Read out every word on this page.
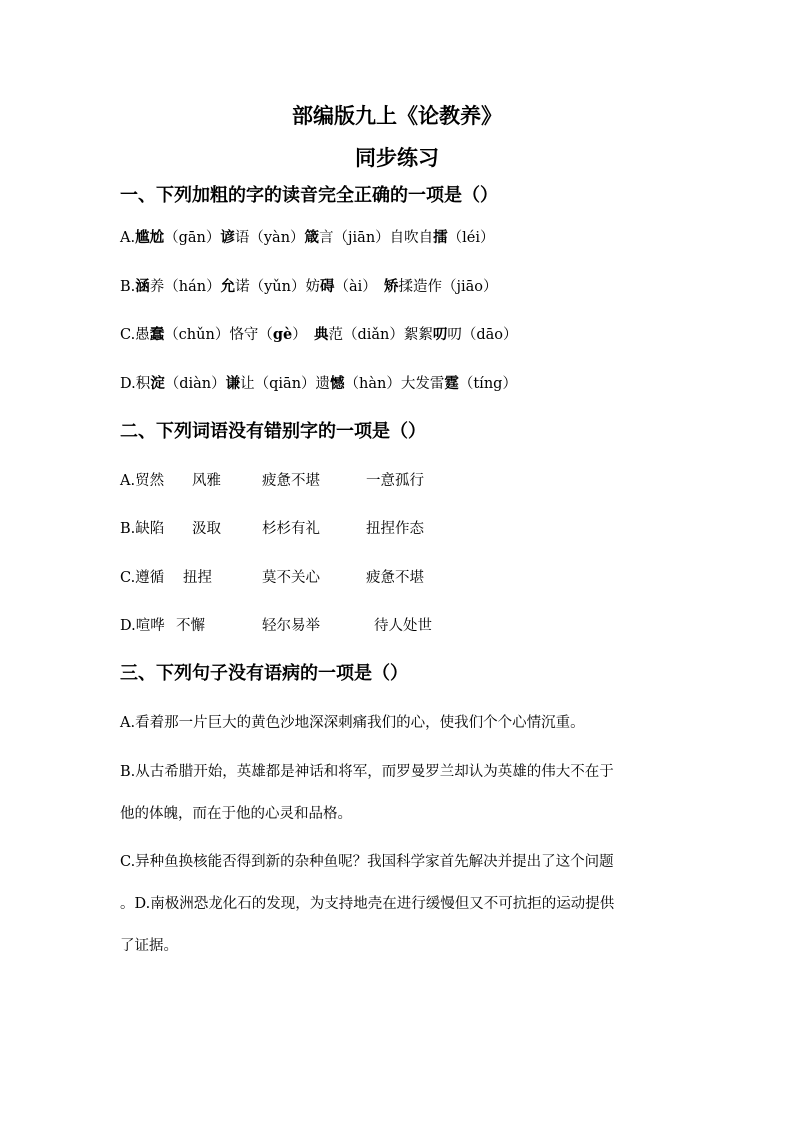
部编版九上《论教养》
同步练习
一、下列加粗的字的读音完全正确的一项是（）
A.尴尬（gān）谚语（yàn）箴言（jiān）自吹自擂（léi）
B.涵养（hán）允诺（yǔn）妨碍（ài）　矫揉造作（jiāo）
C.愚蠢（chǔn）恪守（gè）　典范（diǎn）絮絮叨叨（dāo）
D.积淀（diàn）谦让（qiān）遗憾（hàn）大发雷霆（tíng）
二、下列词语没有错别字的一项是（）
A.贸然 风雅	疲惫不堪	一意孤行
B.缺陷 汲取	杉杉有礼	扭捏作态
C.遵循 扭捏	莫不关心	疲惫不堪
D.喧哗 不懈	轻尔易举	待人处世
三、下列句子没有语病的一项是（）
A.看着那一片巨大的黄色沙地深深刺痛我们的心，使我们个个心情沉重。
B.从古希腊开始，英雄都是神话和将军，而罗曼罗兰却认为英雄的伟大不在于
他的体魄，而在于他的心灵和品格。
C.异种鱼换核能否得到新的杂种鱼呢？我国科学家首先解决并提出了这个问题
。D.南极洲恐龙化石的发现，为支持地壳在进行缓慢但又不可抗拒的运动提供
了证据。
